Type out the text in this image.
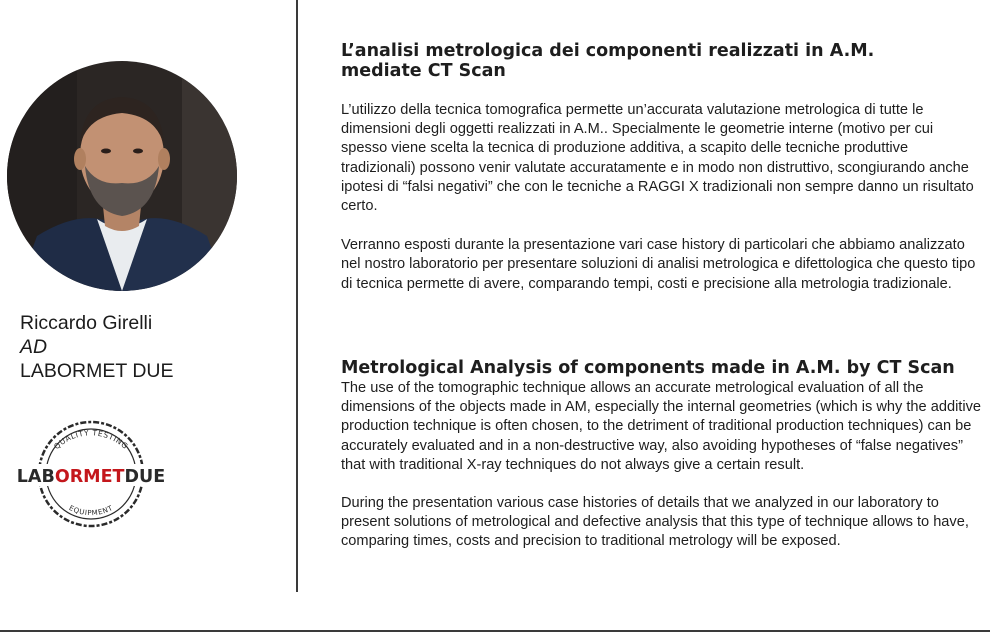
Riccardo Girelli
AD
LABORMET DUE
QUALITY TESTING
EQUIPMENT
LABORMETDUE
L’analisi metrologica dei componenti realizzati in A.M.
mediate CT Scan

L’utilizzo della tecnica tomografica permette un’accurata valutazione metrologica di tutte le dimensioni degli oggetti realizzati in A.M.. Specialmente le geometrie interne (motivo per cui spesso viene scelta la tecnica di produzione additiva, a scapito delle tecniche produttive tradizionali) possono venir valutate accuratamente e in modo non distruttivo, scongiurando anche ipotesi di “falsi negativi” che con le tecniche a RAGGI X tradizionali non sempre danno un risultato certo.

Verranno esposti durante la presentazione vari case history di particolari che abbiamo analizzato nel nostro laboratorio per presentare soluzioni di analisi metrologica e difettologica che questo tipo di tecnica permette di avere, comparando tempi, costi e precisione alla metrologia tradizionale.

Metrological Analysis of components made in A.M. by CT Scan

The use of the tomographic technique allows an accurate metrological evaluation of all the dimensions of the objects made in AM, especially the internal geometries (which is why the additive production technique is often chosen, to the detriment of traditional production techniques) can be accurately evaluated and in a non-destructive way, also avoiding hypotheses of “false negatives” that with traditional X-ray techniques do not always give a certain result.

During the presentation various case histories of details that we analyzed in our laboratory to present solutions of metrological and defective analysis that this type of technique allows to have, comparing times, costs and precision to traditional metrology will be exposed.
